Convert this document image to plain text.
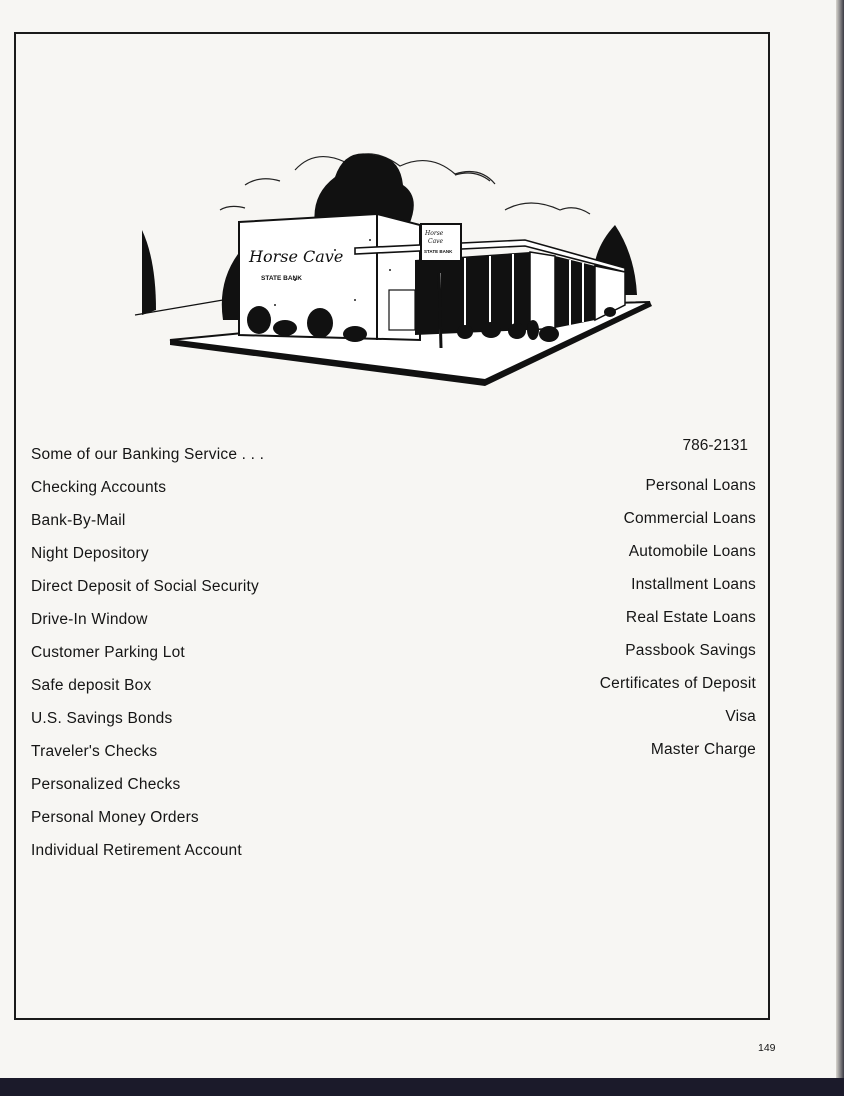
Horse Cave
STATE BANK
Horse
Cave
STATE BANK
786-2131
Some of our Banking Service . . .
Checking Accounts
Bank-By-Mail
Night Depository
Direct Deposit of Social Security
Drive-In Window
Customer Parking Lot
Safe deposit Box
U.S. Savings Bonds
Traveler's Checks
Personalized Checks
Personal Money Orders
Individual Retirement Account
Personal Loans
Commercial Loans
Automobile Loans
Installment Loans
Real Estate Loans
Passbook Savings
Certificates of Deposit
Visa
Master Charge
149
